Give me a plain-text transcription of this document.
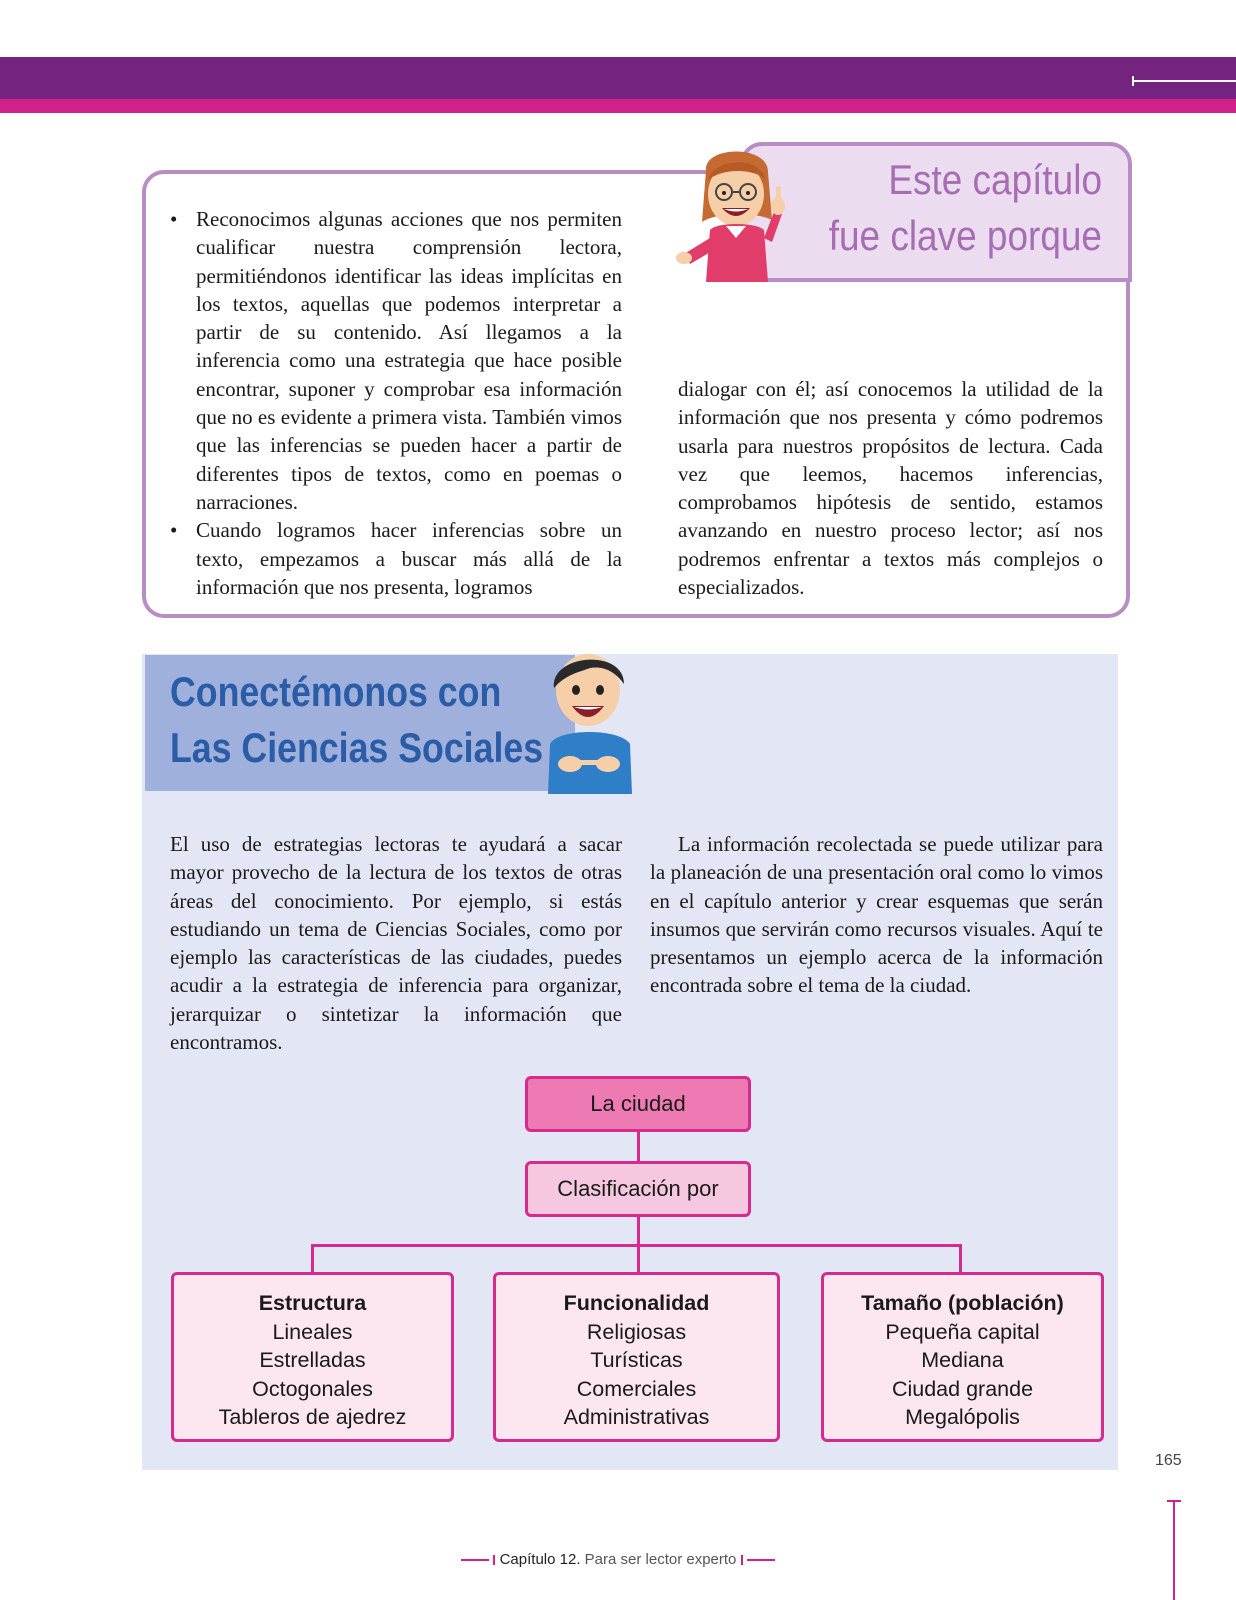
Este capítulo
fue clave porque
• Reconocimos algunas acciones que nos permiten cualificar nuestra comprensión lectora, permitiéndonos identificar las ideas implícitas en los textos, aquellas que podemos interpretar a partir de su contenido. Así llegamos a la inferencia como una estrategia que hace posible encontrar, suponer y comprobar esa información que no es evidente a primera vista. También vimos que las inferencias se pueden hacer a partir de diferentes tipos de textos, como en poemas o narraciones.
• Cuando logramos hacer inferencias sobre un texto, empezamos a buscar más allá de la información que nos presenta, logramos
dialogar con él; así conocemos la utilidad de la información que nos presenta y cómo podremos usarla para nuestros propósitos de lectura. Cada vez que leemos, hacemos inferencias, comprobamos hipótesis de sentido, estamos avanzando en nuestro proceso lector; así nos podremos enfrentar a textos más complejos o especializados.
Conectémonos con
Las Ciencias Sociales
El uso de estrategias lectoras te ayudará a sacar mayor provecho de la lectura de los textos de otras áreas del conocimiento. Por ejemplo, si estás estudiando un tema de Ciencias Sociales, como por ejemplo las características de las ciudades, puedes acudir a la estrategia de inferencia para organizar, jerarquizar o sintetizar la información que encontramos.
La información recolectada se puede utilizar para la planeación de una presentación oral como lo vimos en el capítulo anterior y crear esquemas que serán insumos que servirán como recursos visuales. Aquí te presentamos un ejemplo acerca de la información encontrada sobre el tema de la ciudad.
La ciudad
Clasificación por
Estructura
Lineales
Estrelladas
Octogonales
Tableros de ajedrez
Funcionalidad
Religiosas
Turísticas
Comerciales
Administrativas
Tamaño (población)
Pequeña capital
Mediana
Ciudad grande
Megalópolis
165
Capítulo 12. Para ser lector experto
